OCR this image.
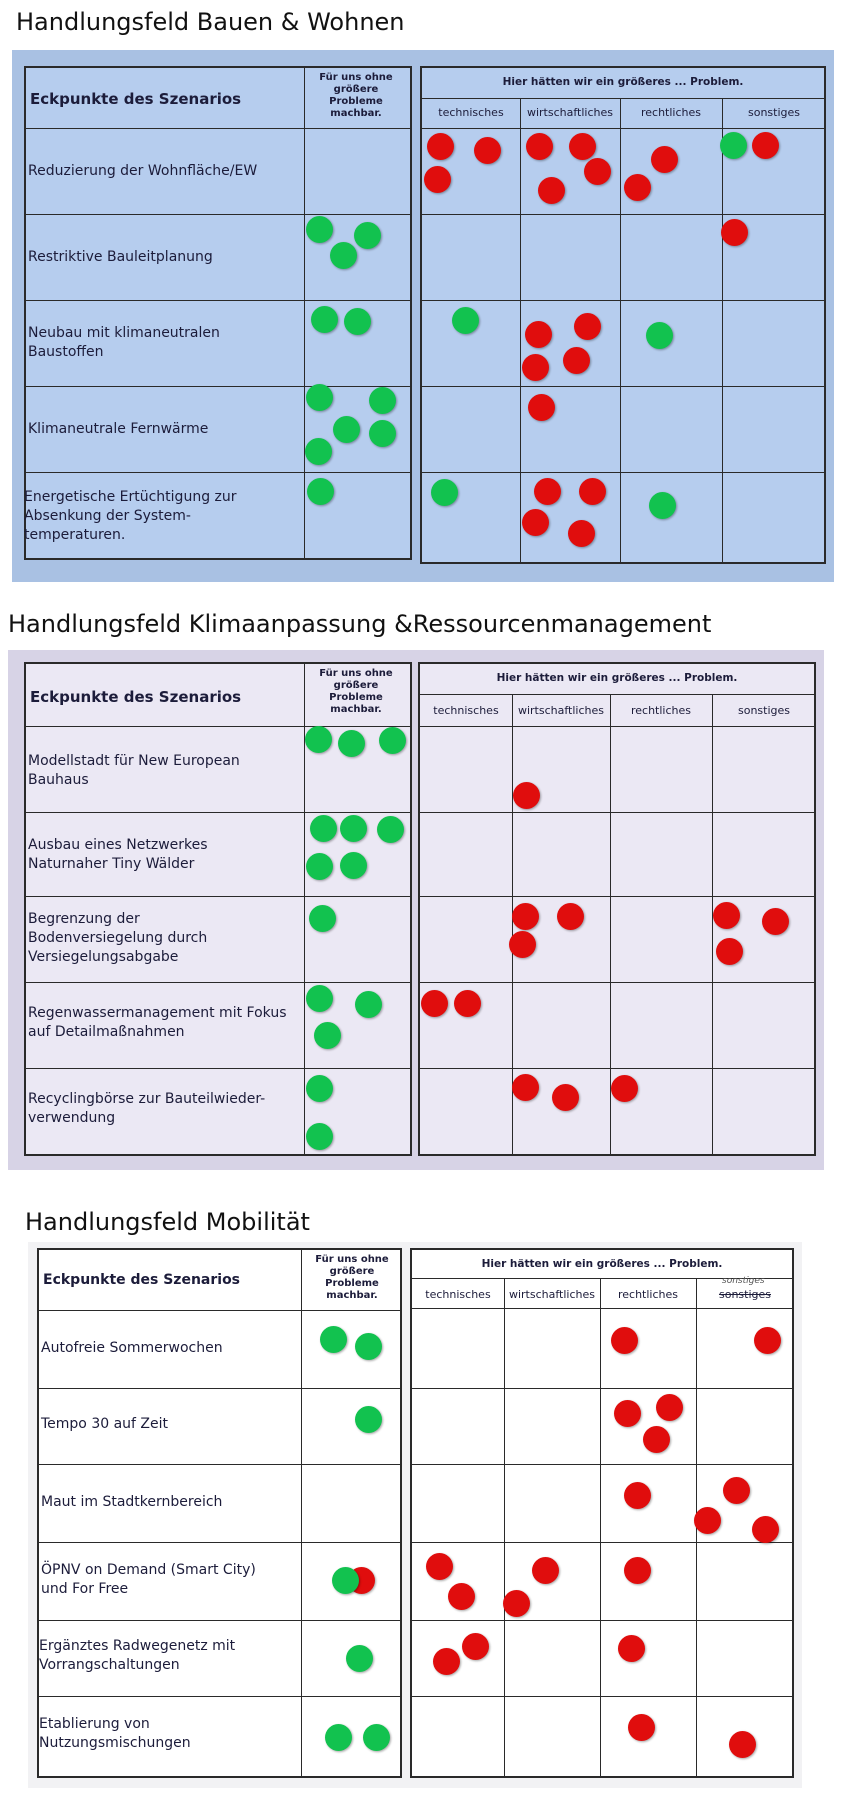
Handlungsfeld Bauen & Wohnen
Eckpunkte des Szenarios
Für uns ohne größere Probleme machbar.
Reduzierung der Wohnfläche/EW
Restriktive Bauleitplanung
Neubau mit klimaneutralen Baustoffen
Klimaneutrale Fernwärme
Energetische Ertüchtigung zur Absenkung der System-temperaturen.
Hier hätten wir ein größeres ... Problem.
technisches	wirtschaftliches	rechtliches	sonstiges
Handlungsfeld Klimaanpassung &Ressourcenmanagement
Eckpunkte des Szenarios
Für uns ohne größere Probleme machbar.
Modellstadt für New European Bauhaus
Ausbau eines Netzwerkes Naturnaher Tiny Wälder
Begrenzung der Bodenversiegelung durch Versiegelungsabgabe
Regenwassermanagement mit Fokus auf Detailmaßnahmen
Recyclingbörse zur Bauteilwieder-verwendung
Hier hätten wir ein größeres ... Problem.
technisches	wirtschaftliches	rechtliches	sonstiges
Handlungsfeld Mobilität
Eckpunkte des Szenarios
Für uns ohne größere Probleme machbar.
Autofreie Sommerwochen
Tempo 30 auf Zeit
Maut im Stadtkernbereich
ÖPNV on Demand (Smart City) und For Free
Ergänztes Radwegenetz mit Vorrangschaltungen
Etablierung von Nutzungsmischungen
Hier hätten wir ein größeres ... Problem.
technisches	wirtschaftliches	rechtliches	sonstiges
sonstiges
